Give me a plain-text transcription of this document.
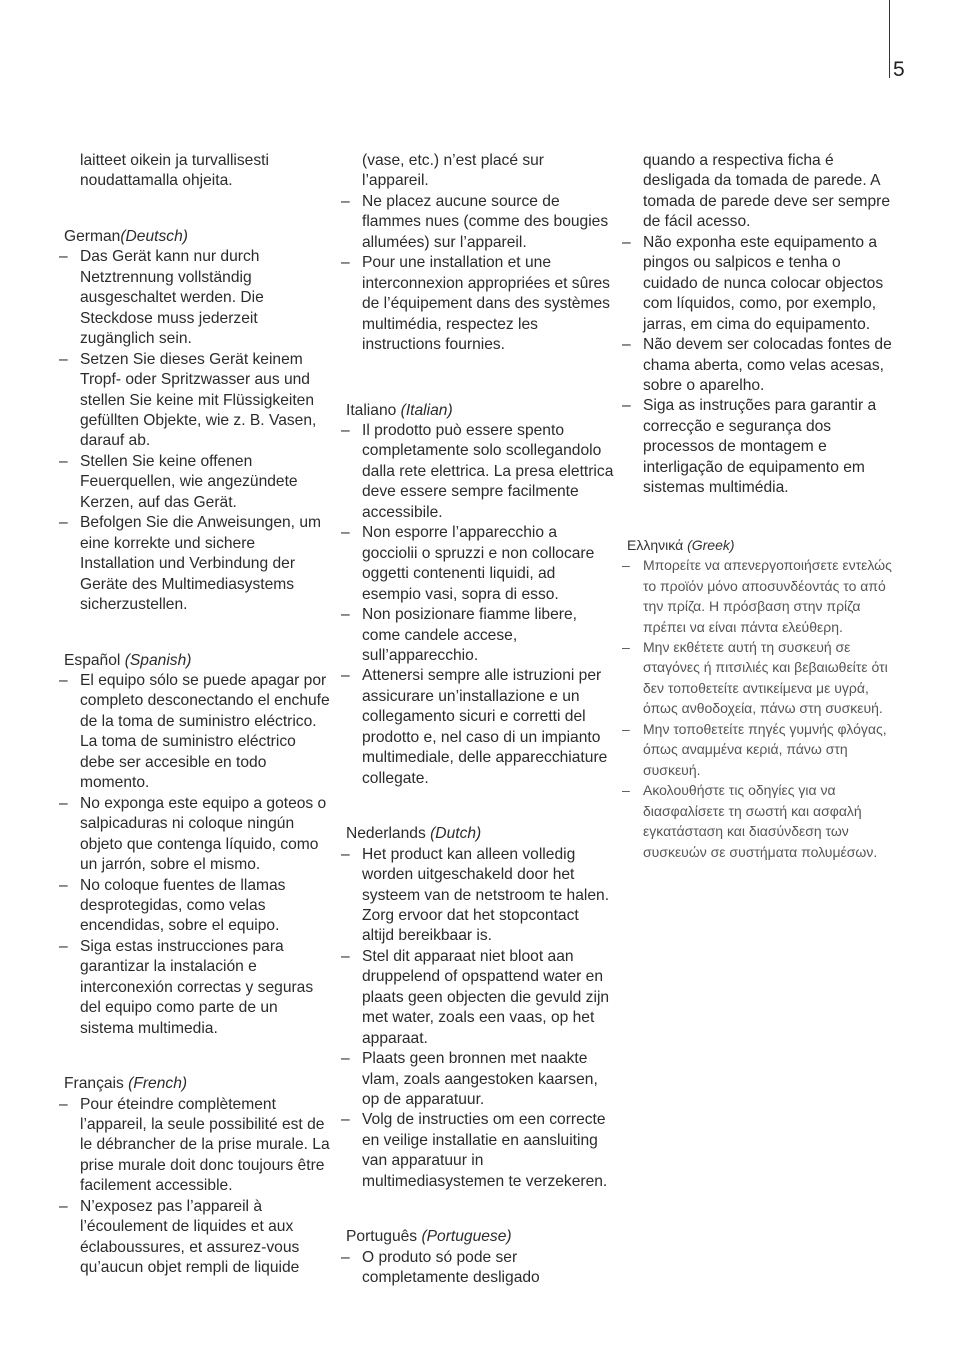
5

laitteet oikein ja turvallisesti noudattamalla ohjeita.

German(Deutsch)

– Das Gerät kann nur durch Netztrennung vollständig ausgeschaltet werden. Die Steckdose muss jederzeit zugänglich sein.
– Setzen Sie dieses Gerät keinem Tropf- oder Spritzwasser aus und stellen Sie keine mit Flüssigkeiten gefüllten Objekte, wie z. B. Vasen, darauf ab.
– Stellen Sie keine offenen Feuerquellen, wie angezündete Kerzen, auf das Gerät.
– Befolgen Sie die Anweisungen, um eine korrekte und sichere Installation und Verbindung der Geräte des Multimediasystems sicherzustellen.

Español (Spanish)

– El equipo sólo se puede apagar por completo desconectando el enchufe de la toma de suministro eléctrico. La toma de suministro eléctrico debe ser accesible en todo momento.
– No exponga este equipo a goteos o salpicaduras ni coloque ningún objeto que contenga líquido, como un jarrón, sobre el mismo.
– No coloque fuentes de llamas desprotegidas, como velas encendidas, sobre el equipo.
– Siga estas instrucciones para garantizar la instalación e interconexión correctas y seguras del equipo como parte de un sistema multimedia.

Français (French)

– Pour éteindre complètement l’appareil, la seule possibilité est de le débrancher de la prise murale. La prise murale doit donc toujours être facilement accessible.
– N’exposez pas l’appareil à l’écoulement de liquides et aux éclaboussures, et assurez-vous qu’aucun objet rempli de liquide

(vase, etc.) n’est placé sur l’appareil.

– Ne placez aucune source de flammes nues (comme des bougies allumées) sur l’appareil.
– Pour une installation et une interconnexion appropriées et sûres de l’équipement dans des systèmes multimédia, respectez les instructions fournies.

Italiano (Italian)

– Il prodotto può essere spento completamente solo scollegandolo dalla rete elettrica. La presa elettrica deve essere sempre facilmente accessibile.
– Non esporre l’apparecchio a gocciolii o spruzzi e non collocare oggetti contenenti liquidi, ad esempio vasi, sopra di esso.
– Non posizionare fiamme libere, come candele accese, sull’apparecchio.
– Attenersi sempre alle istruzioni per assicurare un’installazione e un collegamento sicuri e corretti del prodotto e, nel caso di un impianto multimediale, delle apparecchiature collegate.

Nederlands (Dutch)

– Het product kan alleen volledig worden uitgeschakeld door het systeem van de netstroom te halen. Zorg ervoor dat het stopcontact altijd bereikbaar is.
– Stel dit apparaat niet bloot aan druppelend of opspattend water en plaats geen objecten die gevuld zijn met water, zoals een vaas, op het apparaat.
– Plaats geen bronnen met naakte vlam, zoals aangestoken kaarsen, op de apparatuur.
– Volg de instructies om een correcte en veilige installatie en aansluiting van apparatuur in multimediasystemen te verzekeren.

Português (Portuguese)

– O produto só pode ser completamente desligado

quando a respectiva ficha é desligada da tomada de parede. A tomada de parede deve ser sempre de fácil acesso.

– Não exponha este equipamento a pingos ou salpicos e tenha o cuidado de nunca colocar objectos com líquidos, como, por exemplo, jarras, em cima do equipamento.
– Não devem ser colocadas fontes de chama aberta, como velas acesas, sobre o aparelho.
– Siga as instruções para garantir a correcção e segurança dos processos de montagem e interligação de equipamento em sistemas multimédia.

Ελληνικά (Greek)

– Μπορείτε να απενεργοποιήσετε εντελώς το προϊόν μόνο αποσυνδέοντάς το από την πρίζα. Η πρόσβαση στην πρίζα πρέπει να είναι πάντα ελεύθερη.
– Μην εκθέτετε αυτή τη συσκευή σε σταγόνες ή πιτσιλιές και βεβαιωθείτε ότι δεν τοποθετείτε αντικείμενα με υγρά, όπως ανθοδοχεία, πάνω στη συσκευή.
– Μην τοποθετείτε πηγές γυμνής φλόγας, όπως αναμμένα κεριά, πάνω στη συσκευή.
– Ακολουθήστε τις οδηγίες για να διασφαλίσετε τη σωστή και ασφαλή εγκατάσταση και διασύνδεση των συσκευών σε συστήματα πολυμέσων.
